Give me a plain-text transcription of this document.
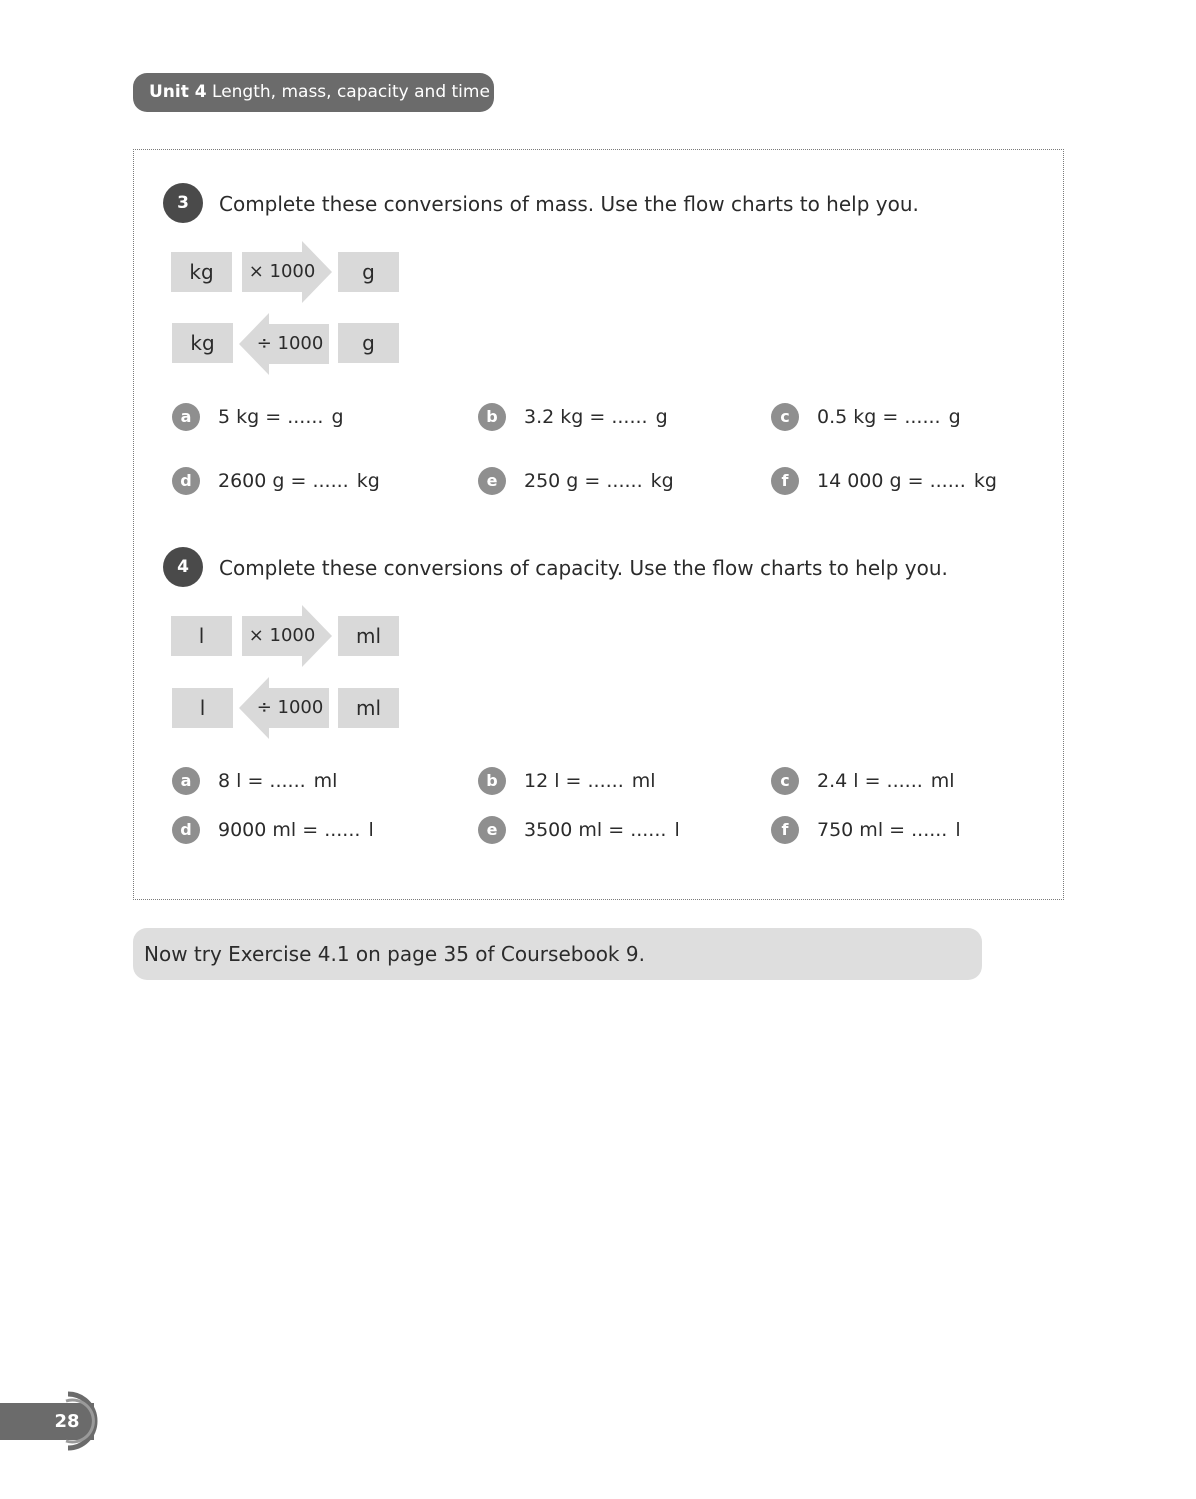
Unit 4 Length, mass, capacity and time
3	Complete these conversions of mass. Use the flow charts to help you.
kg	× 1000	g
kg	÷ 1000	g
a 5 kg = ...... g	b 3.2 kg = ...... g	c 0.5 kg = ...... g
d 2600 g = ...... kg	e 250 g = ...... kg	f 14 000 g = ...... kg
4	Complete these conversions of capacity. Use the flow charts to help you.
l	× 1000	ml
l	÷ 1000	ml
a 8 l = ...... ml	b 12 l = ...... ml	c 2.4 l = ...... ml
d 9000 ml = ...... l	e 3500 ml = ...... l	f 750 ml = ...... l
Now try Exercise 4.1 on page 35 of Coursebook 9.
28
